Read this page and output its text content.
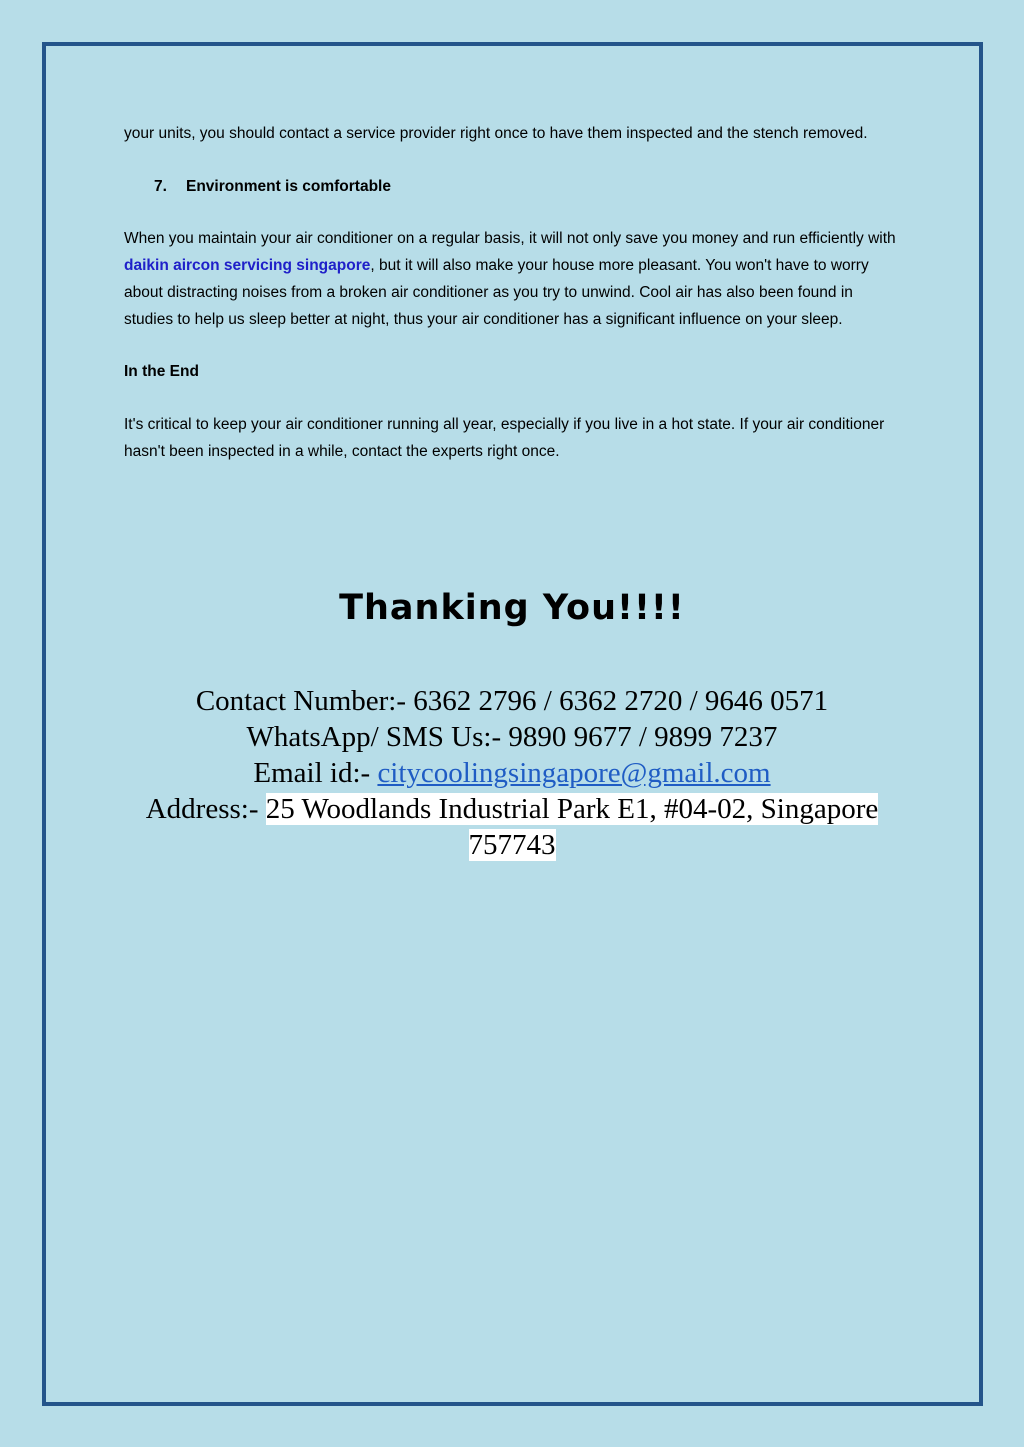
your units, you should contact a service provider right once to have them inspected and the stench removed.

7. Environment is comfortable

When you maintain your air conditioner on a regular basis, it will not only save you money and run efficiently with daikin aircon servicing singapore, but it will also make your house more pleasant. You won't have to worry about distracting noises from a broken air conditioner as you try to unwind. Cool air has also been found in studies to help us sleep better at night, thus your air conditioner has a significant influence on your sleep.

In the End

It's critical to keep your air conditioner running all year, especially if you live in a hot state. If your air conditioner hasn't been inspected in a while, contact the experts right once.

Thanking You!!!!
Contact Number:- 6362 2796 / 6362 2720 / 9646 0571
WhatsApp/ SMS Us:- 9890 9677 / 9899 7237
Email id:- citycoolingsingapore@gmail.com
Address:- 25 Woodlands Industrial Park E1, #04-02, Singapore 757743
